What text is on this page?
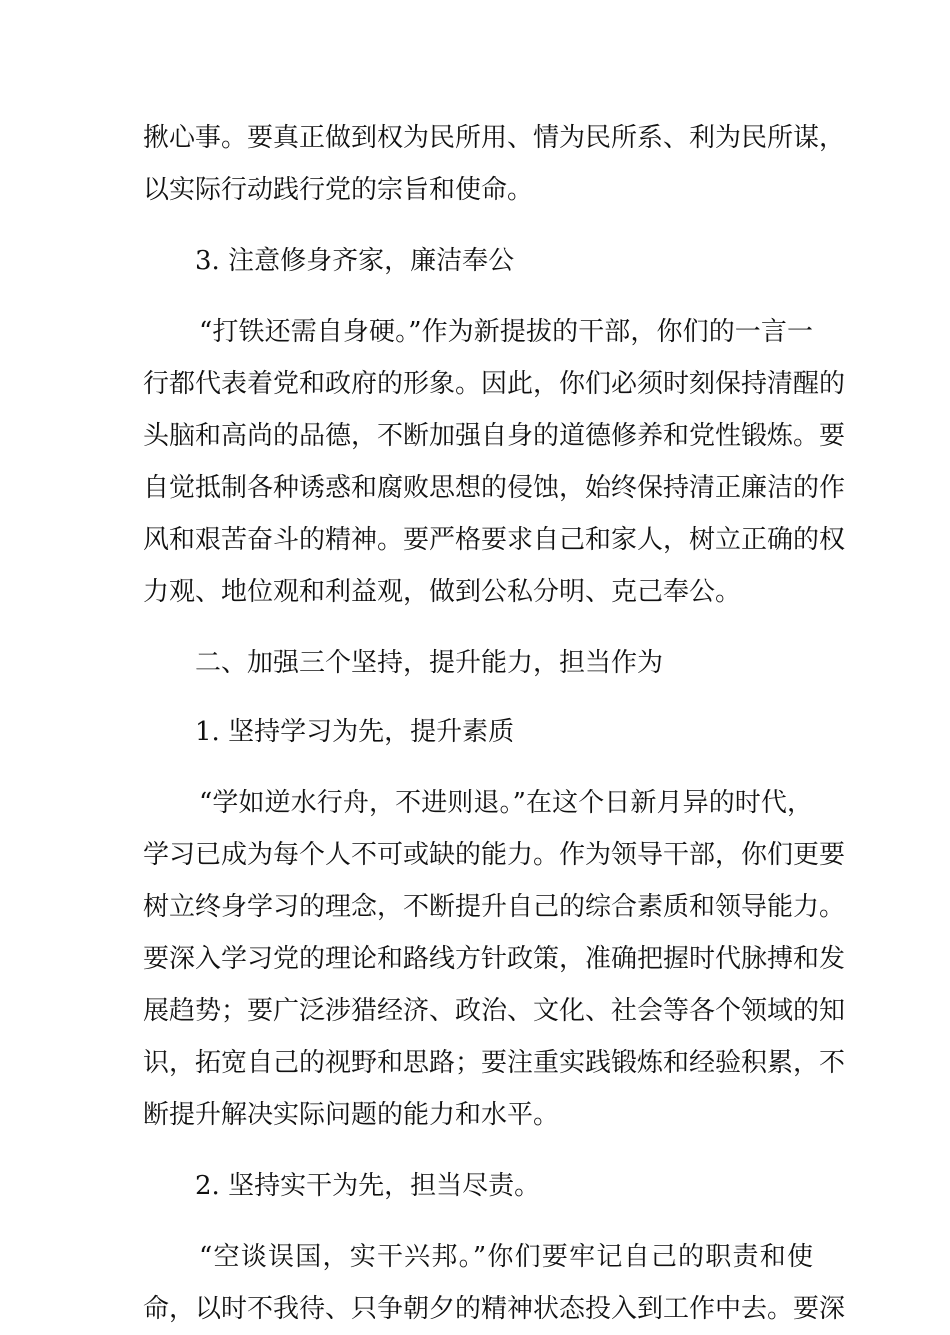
揪心事。要真正做到权为民所用、情为民所系、利为民所谋，
以实际行动践行党的宗旨和使命。
3. 注意修身齐家，廉洁奉公
“打铁还需自身硬。”作为新提拔的干部，你们的一言一
行都代表着党和政府的形象。因此，你们必须时刻保持清醒的
头脑和高尚的品德，不断加强自身的道德修养和党性锻炼。要
自觉抵制各种诱惑和腐败思想的侵蚀，始终保持清正廉洁的作
风和艰苦奋斗的精神。要严格要求自己和家人，树立正确的权
力观、地位观和利益观，做到公私分明、克己奉公。
二、加强三个坚持，提升能力，担当作为
1. 坚持学习为先，提升素质
“学如逆水行舟，不进则退。”在这个日新月异的时代，
学习已成为每个人不可或缺的能力。作为领导干部，你们更要
树立终身学习的理念，不断提升自己的综合素质和领导能力。
要深入学习党的理论和路线方针政策，准确把握时代脉搏和发
展趋势；要广泛涉猎经济、政治、文化、社会等各个领域的知
识，拓宽自己的视野和思路；要注重实践锻炼和经验积累，不
断提升解决实际问题的能力和水平。
2. 坚持实干为先，担当尽责。
“空谈误国，实干兴邦。”你们要牢记自己的职责和使
命，以时不我待、只争朝夕的精神状态投入到工作中去。要深
